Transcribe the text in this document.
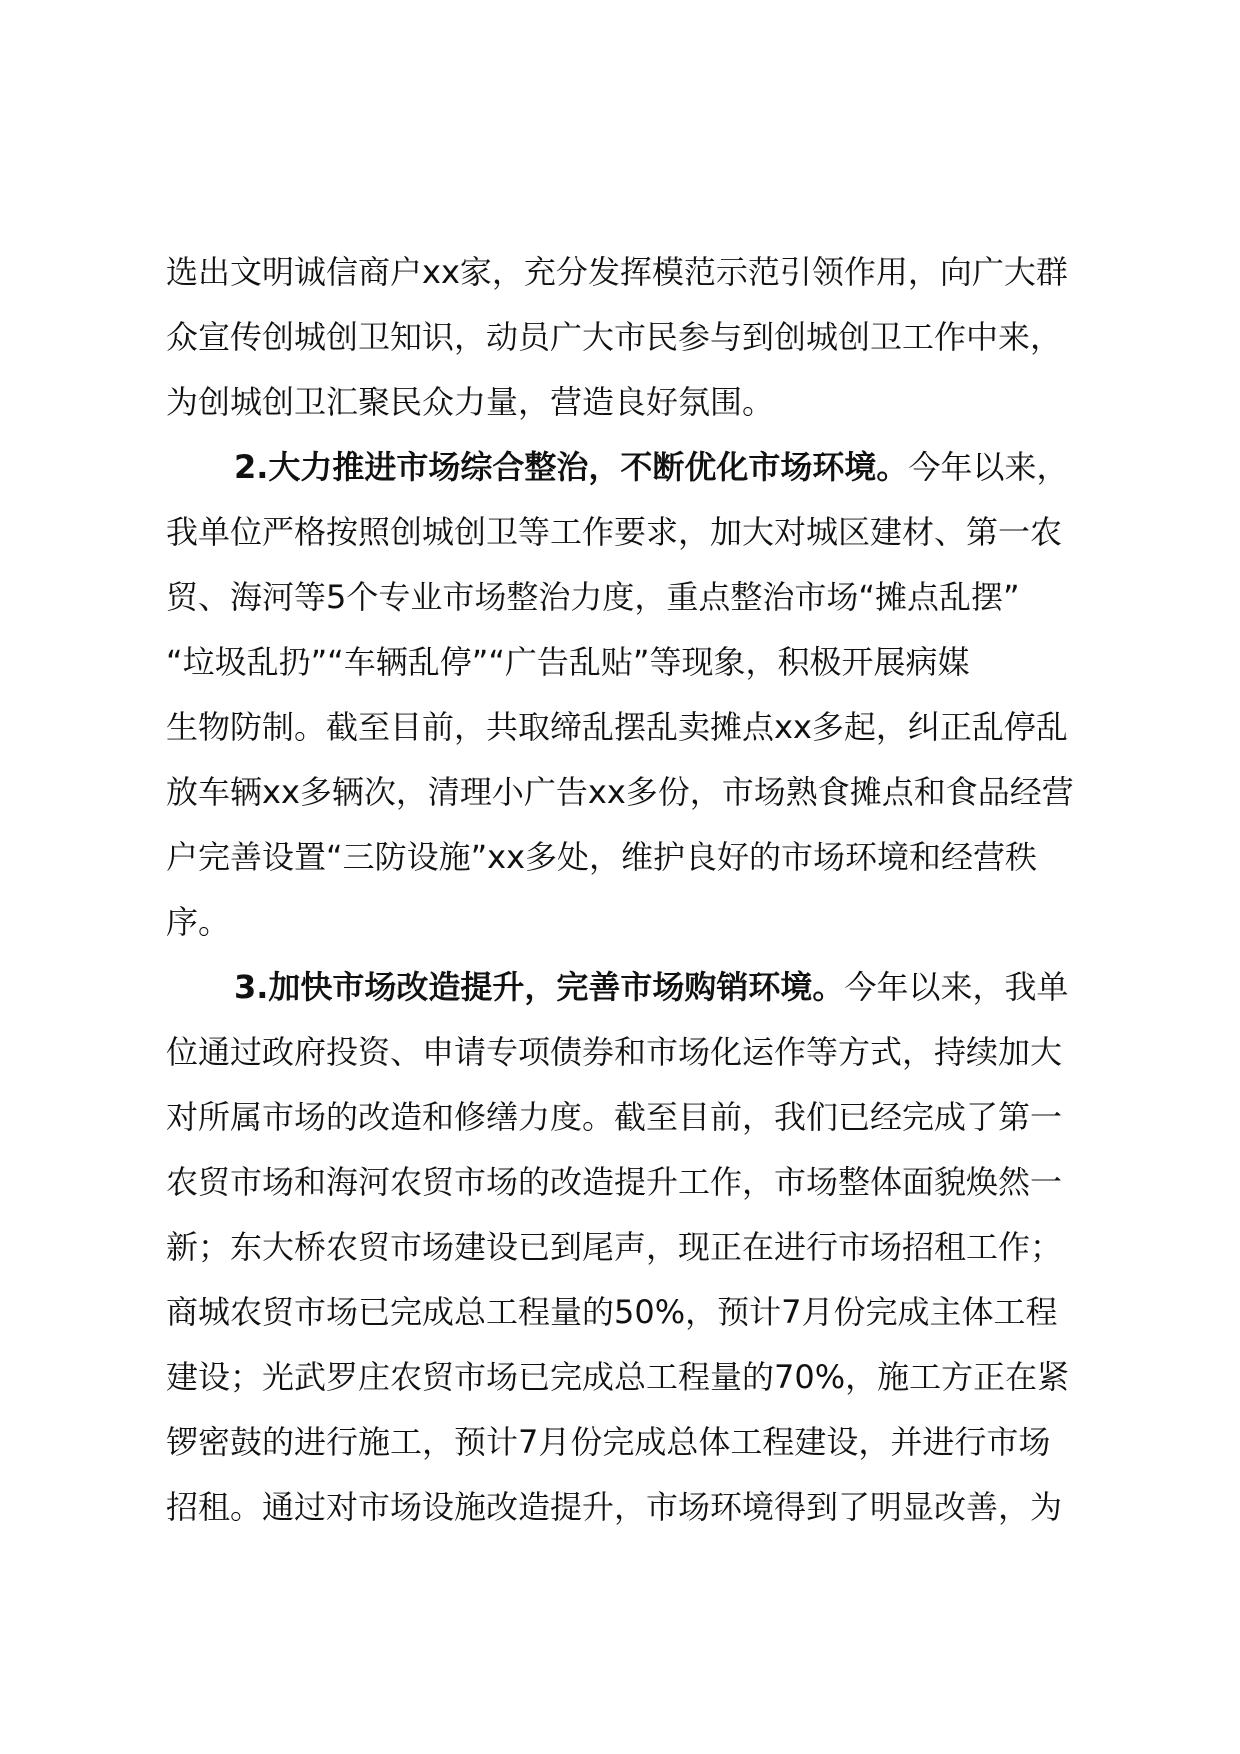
选出文明诚信商户xx家，充分发挥模范示范引领作用，向广大群
众宣传创城创卫知识，动员广大市民参与到创城创卫工作中来，
为创城创卫汇聚民众力量，营造良好氛围。
2.大力推进市场综合整治，不断优化市场环境。今年以来，
我单位严格按照创城创卫等工作要求，加大对城区建材、第一农
贸、海河等5个专业市场整治力度，重点整治市场“摊点乱摆”
“垃圾乱扔”“车辆乱停”“广告乱贴”等现象，积极开展病媒
生物防制。截至目前，共取缔乱摆乱卖摊点xx多起，纠正乱停乱
放车辆xx多辆次，清理小广告xx多份，市场熟食摊点和食品经营
户完善设置“三防设施”xx多处，维护良好的市场环境和经营秩
序。
3.加快市场改造提升，完善市场购销环境。今年以来，我单
位通过政府投资、申请专项债券和市场化运作等方式，持续加大
对所属市场的改造和修缮力度。截至目前，我们已经完成了第一
农贸市场和海河农贸市场的改造提升工作，市场整体面貌焕然一
新；东大桥农贸市场建设已到尾声，现正在进行市场招租工作；
商城农贸市场已完成总工程量的50%，预计7月份完成主体工程
建设；光武罗庄农贸市场已完成总工程量的70%，施工方正在紧
锣密鼓的进行施工，预计7月份完成总体工程建设，并进行市场
招租。通过对市场设施改造提升，市场环境得到了明显改善，为
